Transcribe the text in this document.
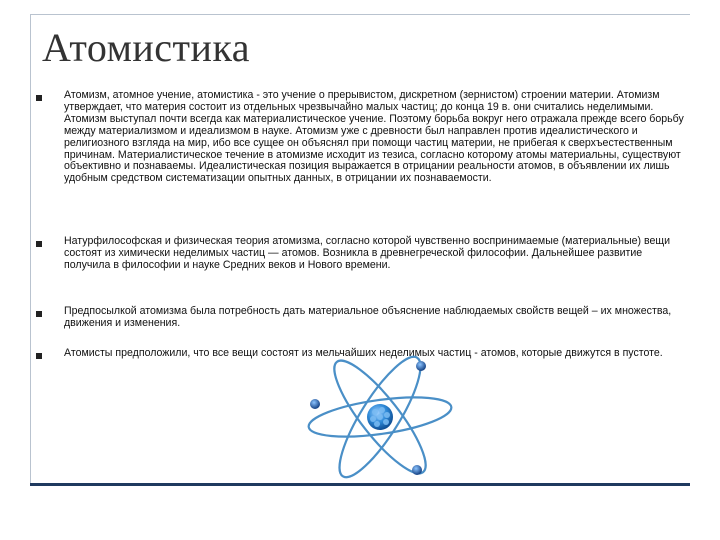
Атомистика
Атомизм, атомное учение, атомистика - это учение о прерывистом, дискретном (зернистом) строении материи. Атомизм утверждает, что материя состоит из отдельных чрезвычайно малых частиц; до конца 19 в. они считались неделимыми. Атомизм выступал почти всегда как материалистическое учение. Поэтому борьба вокруг него отражала прежде всего борьбу между материализмом и идеализмом в науке. Атомизм уже с древности был направлен против идеалистического и религиозного взгляда на мир, ибо все сущее он объяснял при помощи частиц материи, не прибегая к сверхъестественным причинам. Материалистическое течение в атомизме исходит из тезиса, согласно которому атомы материальны, существуют объективно и познаваемы. Идеалистическая позиция выражается в отрицании реальности атомов, в объявлении их лишь удобным средством систематизации опытных данных, в отрицании их познаваемости.
Натурфилософская и физическая теория атомизма, согласно которой чувственно воспринимаемые (материальные) вещи состоят из химически неделимых частиц — атомов. Возникла в древнегреческой философии. Дальнейшее развитие получила в философии и науке Средних веков и Нового времени.
Предпосылкой атомизма была потребность дать материальное объяснение наблюдаемых свойств вещей – их множества, движения и изменения.
Атомисты предположили, что все вещи состоят из мельчайших неделимых частиц - атомов, которые движутся в пустоте.
